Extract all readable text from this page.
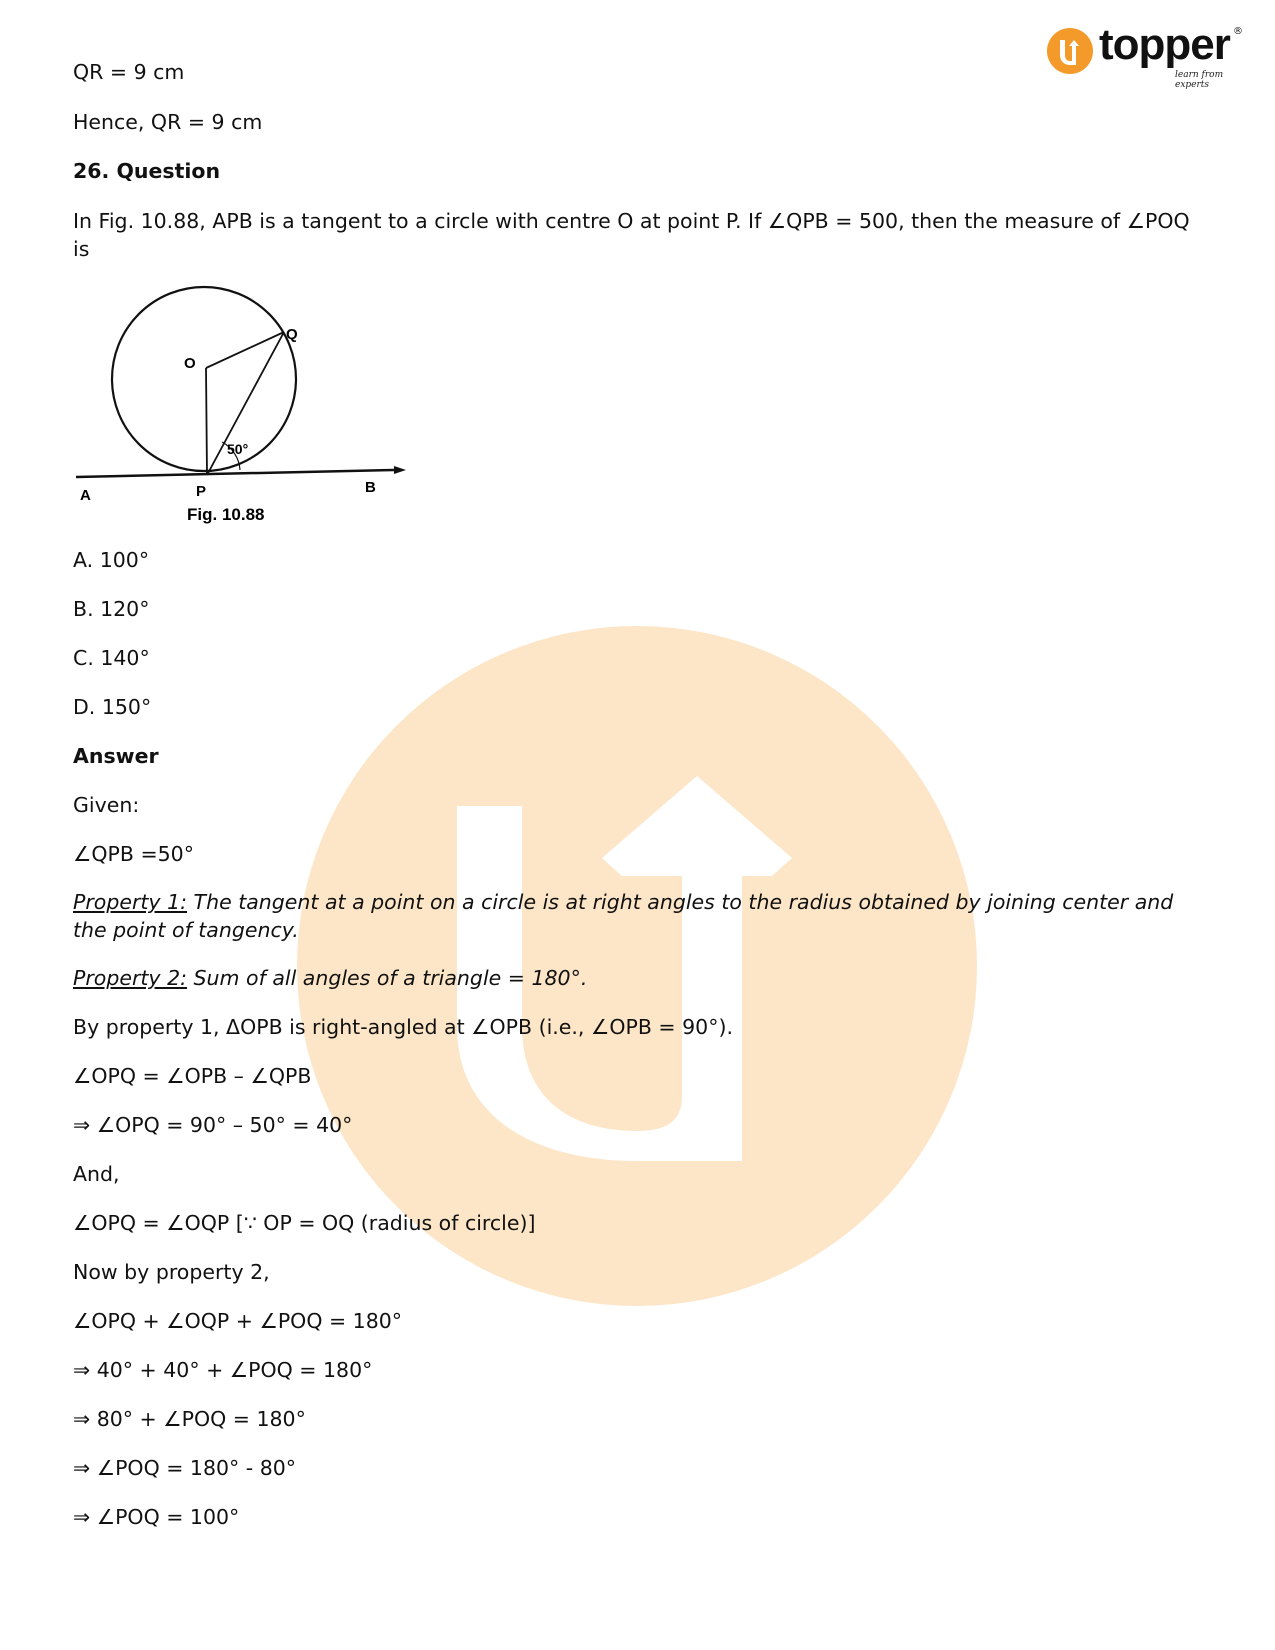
topper
learn from experts
®
QR = 9 cm
Hence, QR = 9 cm
26. Question
In Fig. 10.88, APB is a tangent to a circle with centre O at point P. If ∠QPB = 500, then the measure of ∠POQ is
A. 100°
B. 120°
C. 140°
D. 150°
Answer
Given:
∠QPB =50°
Property 1: The tangent at a point on a circle is at right angles to the radius obtained by joining center and the point of tangency.
Property 2: Sum of all angles of a triangle = 180°.
By property 1, ΔOPB is right-angled at ∠OPB (i.e., ∠OPB = 90°).
∠OPQ = ∠OPB – ∠QPB
⇒ ∠OPQ = 90° – 50° = 40°
And,
∠OPQ = ∠OQP [∵ OP = OQ (radius of circle)]
Now by property 2,
∠OPQ + ∠OQP + ∠POQ = 180°
⇒ 40° + 40° + ∠POQ = 180°
⇒ 80° + ∠POQ = 180°
⇒ ∠POQ = 180° - 80°
⇒ ∠POQ = 100°
O
Q
50°
A	P	B
Fig. 10.88
